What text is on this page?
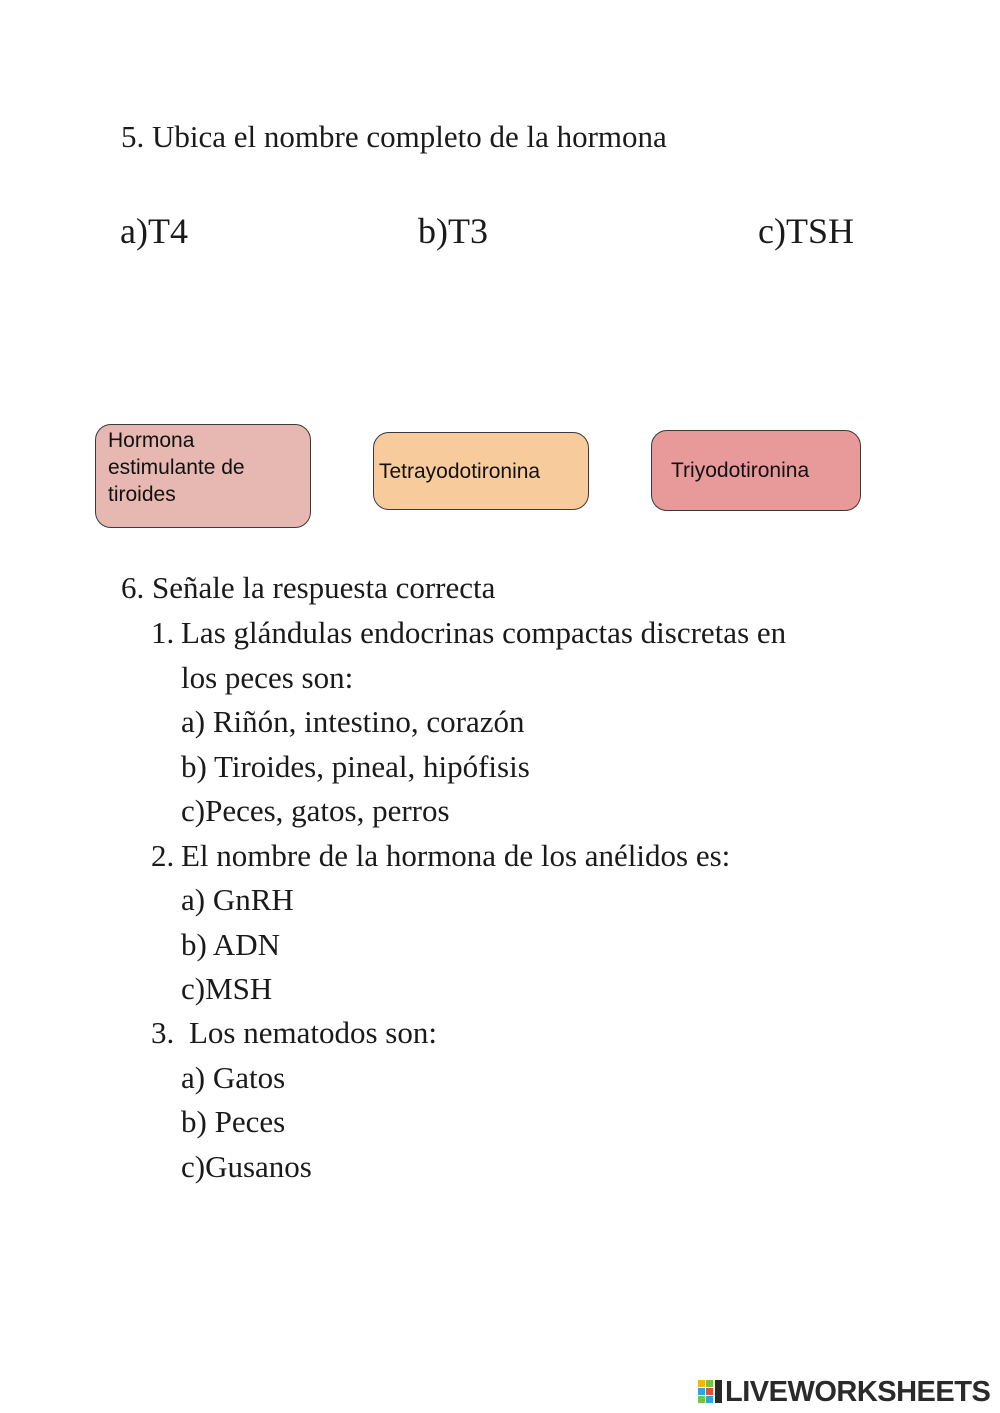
5. Ubica el nombre completo de la hormona
a)T4	b)T3	c)TSH
Hormona estimulante de tiroides
Tetrayodotironina	Triyodotironina
6. Señale la respuesta correcta
1. Las glándulas endocrinas compactas discretas en
los peces son:
a) Riñón, intestino, corazón
b) Tiroides, pineal, hipófisis
c)Peces, gatos, perros
2. El nombre de la hormona de los anélidos es:
a) GnRH
b) ADN
c)MSH
3. Los nematodos son:
a) Gatos
b) Peces
c)Gusanos
LIVEWORKSHEETS
